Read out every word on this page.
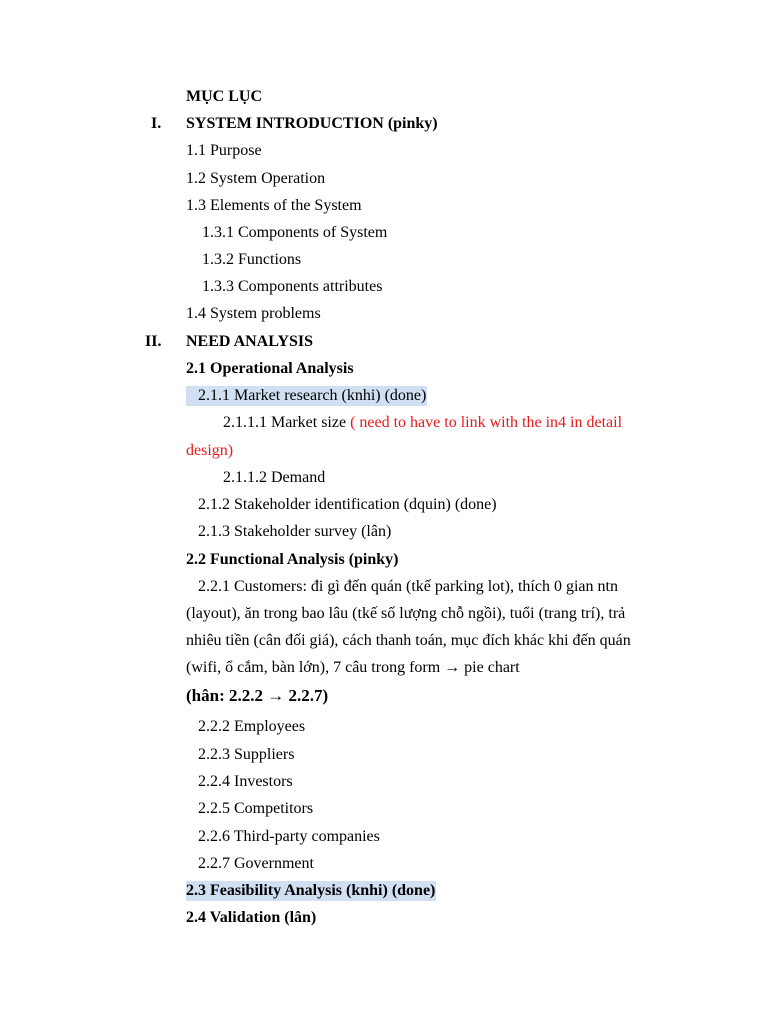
MỤC LỤC
I. SYSTEM INTRODUCTION (pinky)
1.1 Purpose
1.2 System Operation
1.3 Elements of the System
1.3.1 Components of System
1.3.2 Functions
1.3.3 Components attributes
1.4 System problems
II. NEED ANALYSIS
2.1 Operational Analysis
2.1.1 Market research (knhi) (done)
2.1.1.1 Market size ( need to have to link with the in4 in detail
design)
2.1.1.2 Demand
2.1.2 Stakeholder identification (dquin) (done)
2.1.3 Stakeholder survey (lân)
2.2 Functional Analysis (pinky)
2.2.1 Customers: đi gì đến quán (tkế parking lot), thích 0 gian ntn
(layout), ăn trong bao lâu (tkế số lượng chỗ ngồi), tuổi (trang trí), trả
nhiêu tiền (cân đối giá), cách thanh toán, mục đích khác khi đến quán
(wifi, ổ cắm, bàn lớn), 7 câu trong form → pie chart
(hân: 2.2.2 → 2.2.7)
2.2.2 Employees
2.2.3 Suppliers
2.2.4 Investors
2.2.5 Competitors
2.2.6 Third-party companies
2.2.7 Government
2.3 Feasibility Analysis (knhi) (done)
2.4 Validation (lân)
